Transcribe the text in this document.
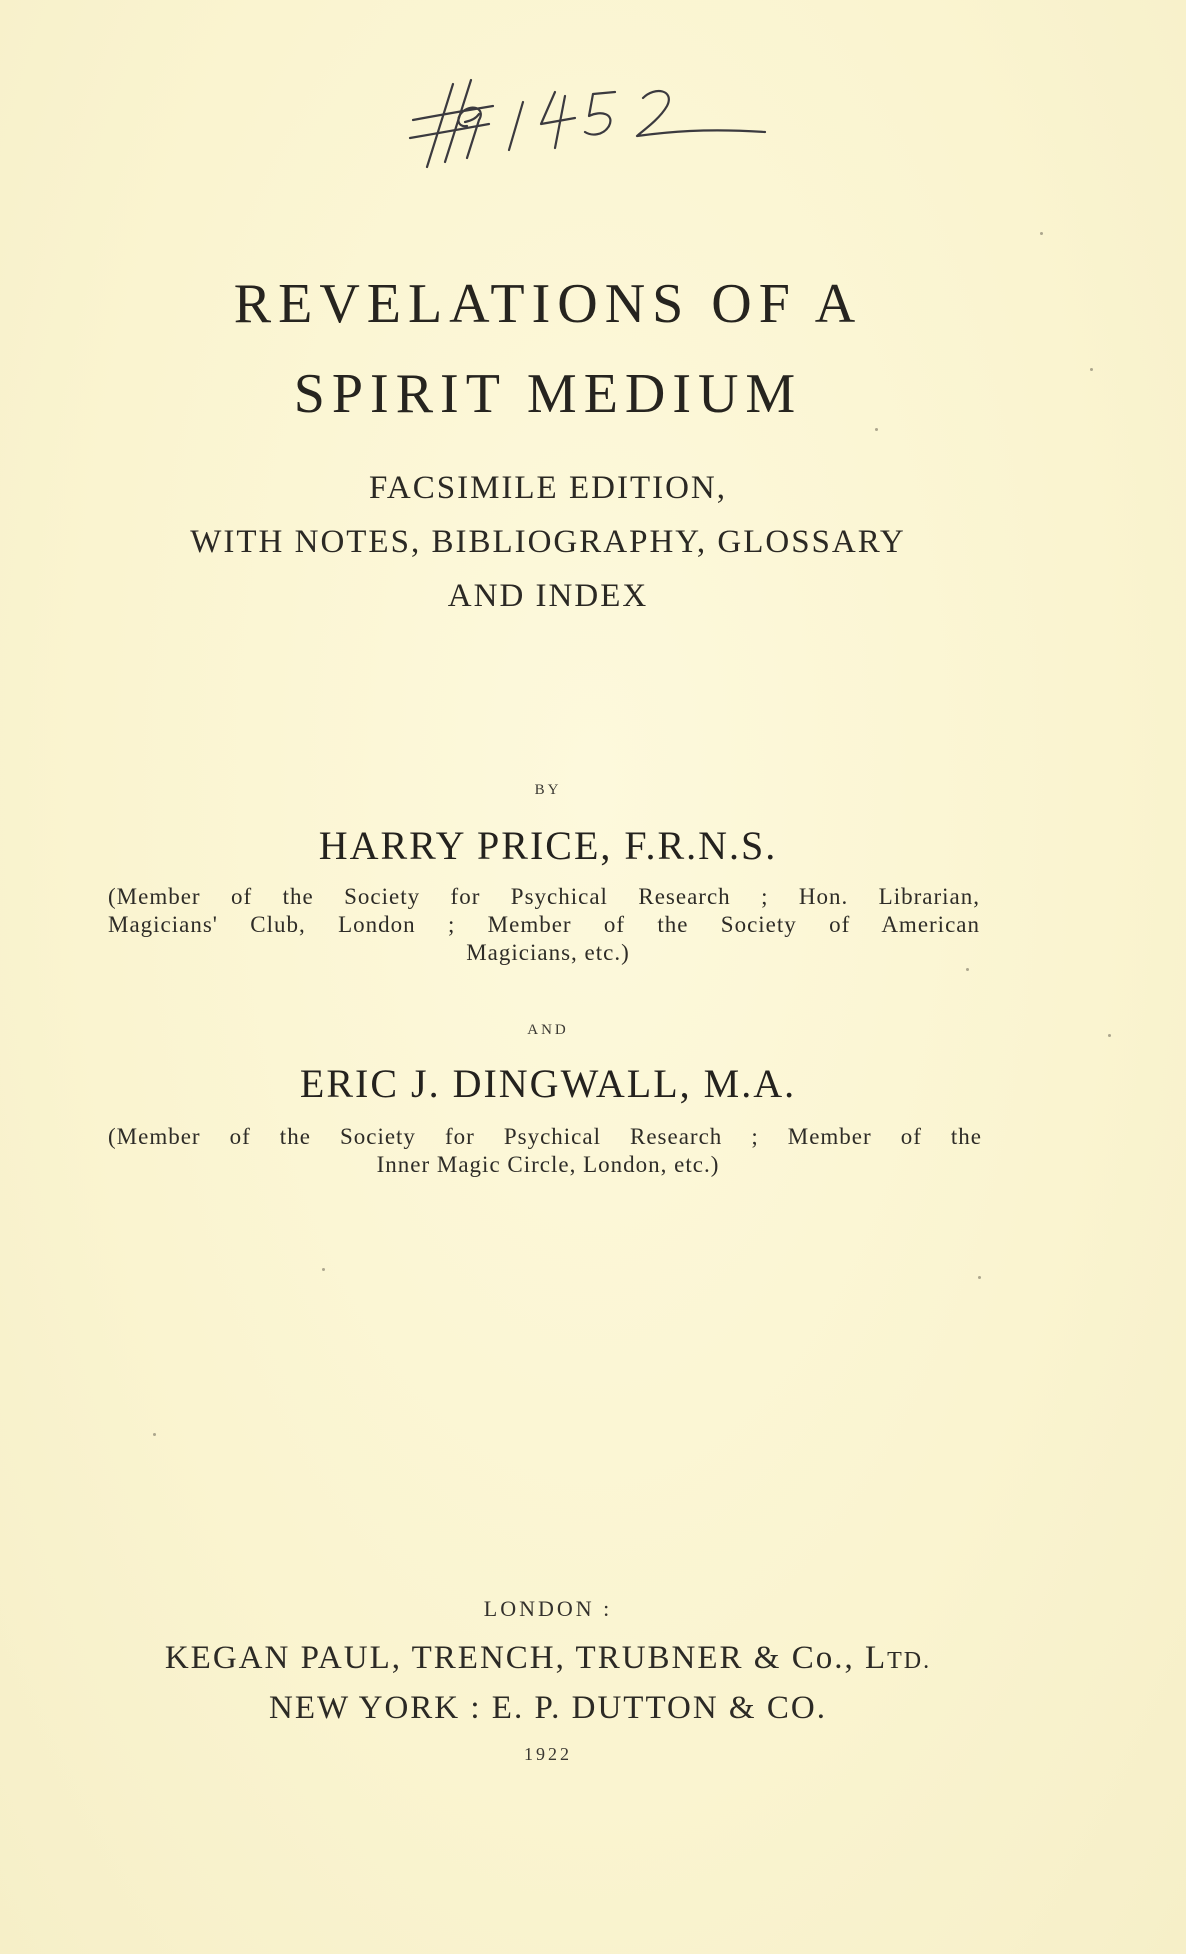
REVELATIONS OF A
SPIRIT MEDIUM
FACSIMILE EDITION,
WITH NOTES, BIBLIOGRAPHY, GLOSSARY
AND INDEX
BY
HARRY PRICE, F.R.N.S.
(Member of the Society for Psychical Research ; Hon. Librarian,
Magicians' Club, London ; Member of the Society of American
Magicians, etc.)
AND
ERIC J. DINGWALL, M.A.
(Member of the Society for Psychical Research ; Member of the
Inner Magic Circle, London, etc.)
LONDON :
KEGAN PAUL, TRENCH, TRUBNER & Co., LTD.
NEW YORK : E. P. DUTTON & CO.
1922
